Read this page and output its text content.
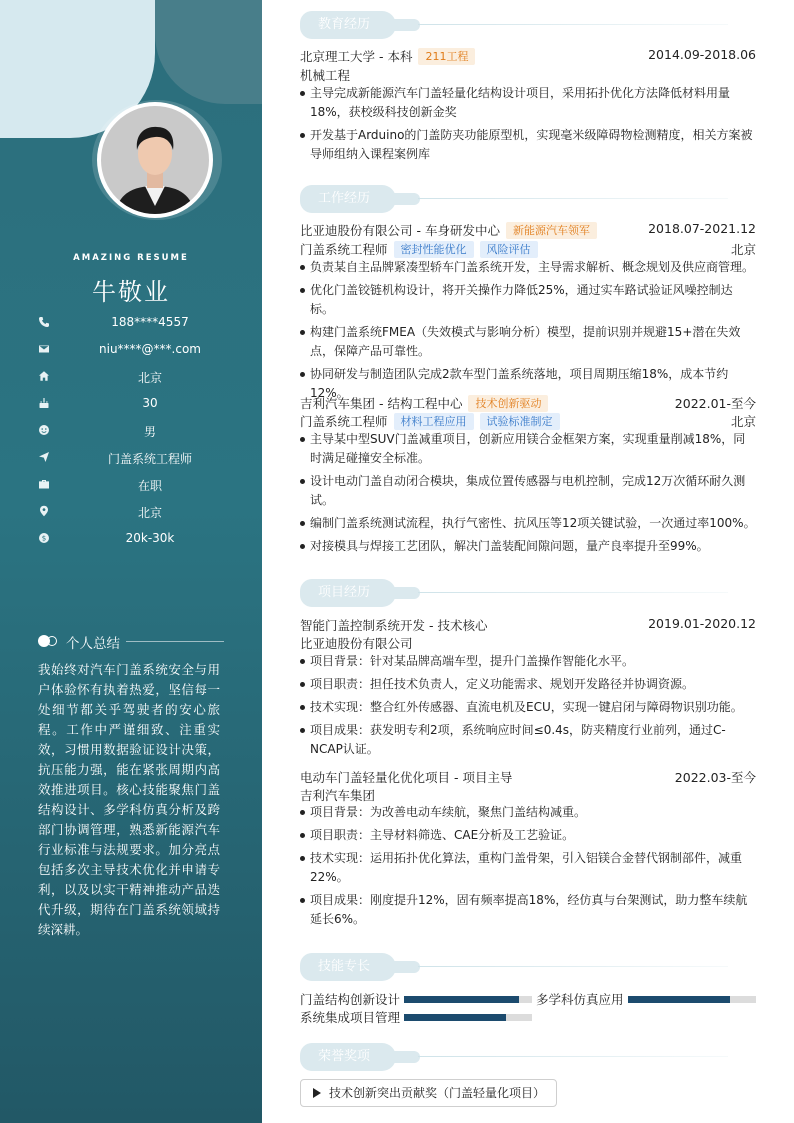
AMAZING RESUME
牛敬业
188****4557
niu****@***.com
北京
30
男
门盖系统工程师
在职
北京
$	20k-30k
个人总结
我始终对汽车门盖系统安全与用户体验怀有执着热爱，坚信每一处细节都关乎驾驶者的安心旅程。工作中严谨细致、注重实效，习惯用数据验证设计决策，抗压能力强，能在紧张周期内高效推进项目。核心技能聚焦门盖结构设计、多学科仿真分析及跨部门协调管理，熟悉新能源汽车行业标准与法规要求。加分亮点包括多次主导技术优化并申请专利，以及以实干精神推动产品迭代升级，期待在门盖系统领域持续深耕。
教育经历
北京理工大学 - 本科 211工程	2014.09-2018.06
机械工程
主导完成新能源汽车门盖轻量化结构设计项目，采用拓扑优化方法降低材料用量18%，获校级科技创新金奖
开发基于Arduino的门盖防夹功能原型机，实现毫米级障碍物检测精度，相关方案被导师组纳入课程案例库
工作经历
比亚迪股份有限公司 - 车身研发中心 新能源汽车领军	2018.07-2021.12
门盖系统工程师 密封性能优化 风险评估	北京
负责某自主品牌紧凑型轿车门盖系统开发，主导需求解析、概念规划及供应商管理。
优化门盖铰链机构设计，将开关操作力降低25%，通过实车路试验证风噪控制达标。
构建门盖系统FMEA（失效模式与影响分析）模型，提前识别并规避15+潜在失效点，保障产品可靠性。
协同研发与制造团队完成2款车型门盖系统落地，项目周期压缩18%，成本节约12%。
吉利汽车集团 - 结构工程中心 技术创新驱动	2022.01-至今
门盖系统工程师 材料工程应用 试验标准制定	北京
主导某中型SUV门盖减重项目，创新应用镁合金框架方案，实现重量削减18%，同时满足碰撞安全标准。
设计电动门盖自动闭合模块，集成位置传感器与电机控制，完成12万次循环耐久测试。
编制门盖系统测试流程，执行气密性、抗风压等12项关键试验，一次通过率100%。
对接模具与焊接工艺团队，解决门盖装配间隙问题，量产良率提升至99%。
项目经历
智能门盖控制系统开发 - 技术核心	2019.01-2020.12
比亚迪股份有限公司
项目背景：针对某品牌高端车型，提升门盖操作智能化水平。
项目职责：担任技术负责人，定义功能需求、规划开发路径并协调资源。
技术实现：整合红外传感器、直流电机及ECU，实现一键启闭与障碍物识别功能。
项目成果：获发明专利2项，系统响应时间≤0.4s，防夹精度行业前列，通过C-NCAP认证。
电动车门盖轻量化优化项目 - 项目主导	2022.03-至今
吉利汽车集团
项目背景：为改善电动车续航，聚焦门盖结构减重。
项目职责：主导材料筛选、CAE分析及工艺验证。
技术实现：运用拓扑优化算法，重构门盖骨架，引入铝镁合金替代钢制部件，减重22%。
项目成果：刚度提升12%，固有频率提高18%，经仿真与台架测试，助力整车续航延长6%。
技能专长
门盖结构创新设计	多学科仿真应用
系统集成项目管理
荣誉奖项
技术创新突出贡献奖（门盖轻量化项目）
